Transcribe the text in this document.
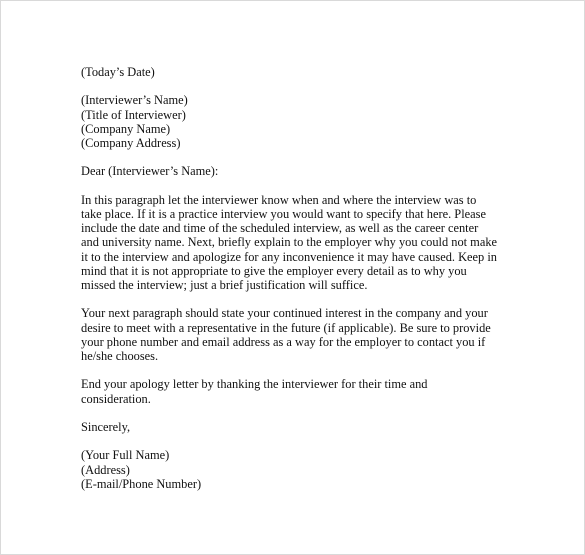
(Today’s Date)
(Interviewer’s Name)
(Title of Interviewer)
(Company Name)
(Company Address)
Dear (Interviewer’s Name):
In this paragraph let the interviewer know when and where the interview was to
take place. If it is a practice interview you would want to specify that here. Please
include the date and time of the scheduled interview, as well as the career center
and university name. Next, briefly explain to the employer why you could not make
it to the interview and apologize for any inconvenience it may have caused. Keep in
mind that it is not appropriate to give the employer every detail as to why you
missed the interview; just a brief justification will suffice.
Your next paragraph should state your continued interest in the company and your
desire to meet with a representative in the future (if applicable). Be sure to provide
your phone number and email address as a way for the employer to contact you if
he/she chooses.
End your apology letter by thanking the interviewer for their time and
consideration.
Sincerely,
(Your Full Name)
(Address)
(E-mail/Phone Number)
